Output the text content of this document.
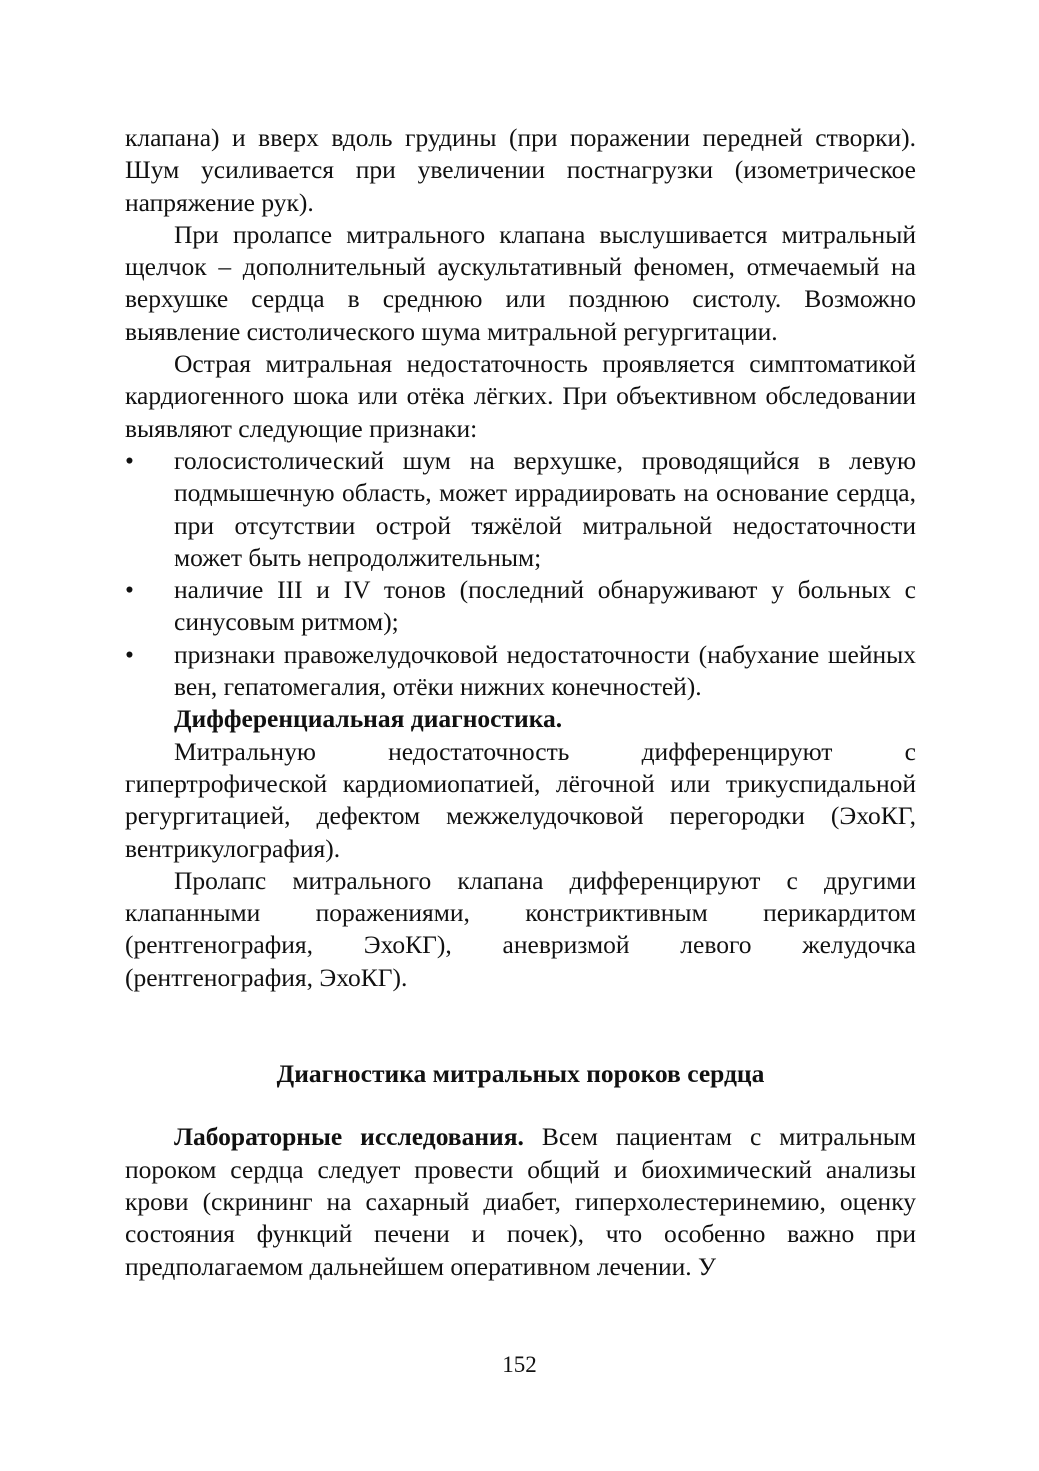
клапана) и вверх вдоль грудины (при поражении передней створки). Шум усиливается при увеличении постнагрузки (изометрическое напряжение рук).

При пролапсе митрального клапана выслушивается митральный щелчок – дополнительный аускультативный феномен, отмечаемый на верхушке сердца в среднюю или позднюю систолу. Возможно выявление систолического шума митральной регургитации.

Острая митральная недостаточность проявляется симптоматикой кардиогенного шока или отёка лёгких. При объективном обследовании выявляют следующие признаки:

• голосистолический шум на верхушке, проводящийся в левую подмышечную область, может иррадиировать на основание сердца, при отсутствии острой тяжёлой митральной недостаточности может быть непродолжительным;
• наличие III и IV тонов (последний обнаруживают у больных с синусовым ритмом);
• признаки правожелудочковой недостаточности (набухание шейных вен, гепатомегалия, отёки нижних конечностей).

Дифференциальная диагностика.

Митральную недостаточность дифференцируют с гипертрофической кардиомиопатией, лёгочной или трикуспидальной регургитацией, дефектом межжелудочковой перегородки (ЭхоКГ, вентрикулография).

Пролапс митрального клапана дифференцируют с другими клапанными поражениями, констриктивным перикардитом (рентгенография, ЭхоКГ), аневризмой левого желудочка (рентгенография, ЭхоКГ).

Диагностика митральных пороков сердца

Лабораторные исследования. Всем пациентам с митральным пороком сердца следует провести общий и биохимический анализы крови (скрининг на сахарный диабет, гиперхолестеринемию, оценку состояния функций печени и почек), что особенно важно при предполагаемом дальнейшем оперативном лечении. У

152
